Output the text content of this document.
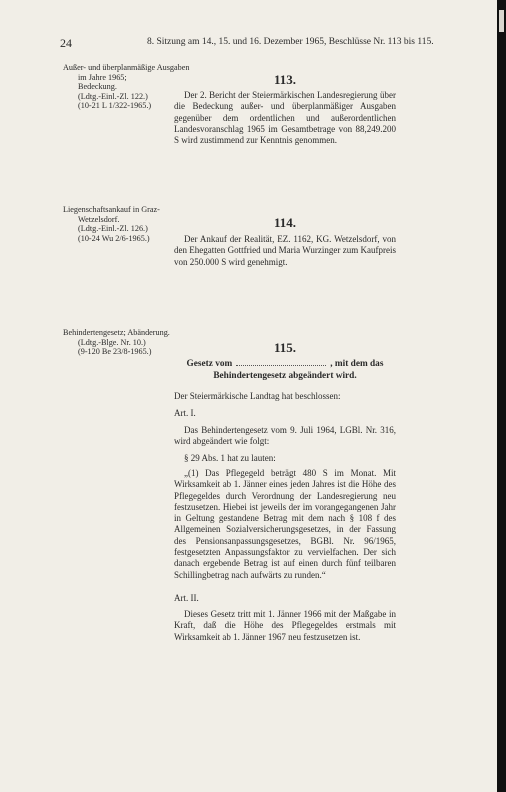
24	8. Sitzung am 14., 15. und 16. Dezember 1965, Beschlüsse Nr. 113 bis 115.
Außer- und überplanmäßige Ausgaben
im Jahre 1965;
Bedeckung.
(Ldtg.-Einl.-Zl. 122.)
(10-21 L 1/322-1965.)
113.

Der 2. Bericht der Steiermärkischen Landesregierung über die Bedeckung außer- und überplanmäßiger Ausgaben gegenüber dem ordentlichen und außerordentlichen Landesvoranschlag 1965 im Gesamtbetrage von 88,249.200 S wird zustimmend zur Kenntnis genommen.

Liegenschaftsankauf in Graz-
Wetzelsdorf.
(Ldtg.-Einl.-Zl. 126.)
(10-24 Wu 2/6-1965.)
114.

Der Ankauf der Realität, EZ. 1162, KG. Wetzelsdorf, von den Ehegatten Gottfried und Maria Wurzinger zum Kaufpreis von 250.000 S wird genehmigt.

Behindertengesetz; Abänderung.
(Ldtg.-Blge. Nr. 10.)
(9-120 Be 23/8-1965.)	115.
Gesetz vom	, mit dem das
Behindertengesetz abgeändert wird.

Der Steiermärkische Landtag hat beschlossen:

Art. I.

Das Behindertengesetz vom 9. Juli 1964, LGBl. Nr. 316, wird abgeändert wie folgt:

§ 29 Abs. 1 hat zu lauten:

„(1) Das Pflegegeld beträgt 480 S im Monat. Mit Wirksamkeit ab 1. Jänner eines jeden Jahres ist die Höhe des Pflegegeldes durch Verordnung der Landesregierung neu festzusetzen. Hiebei ist jeweils der im vorangegangenen Jahr in Geltung gestandene Betrag mit dem nach § 108 f des Allgemeinen Sozialversicherungsgesetzes, in der Fassung des Pensionsanpassungsgesetzes, BGBl. Nr. 96/1965, festgesetzten Anpassungsfaktor zu vervielfachen. Der sich danach ergebende Betrag ist auf einen durch fünf teilbaren Schillingbetrag nach aufwärts zu runden.“

Art. II.

Dieses Gesetz tritt mit 1. Jänner 1966 mit der Maßgabe in Kraft, daß die Höhe des Pflegegeldes erstmals mit Wirksamkeit ab 1. Jänner 1967 neu festzusetzen ist.
